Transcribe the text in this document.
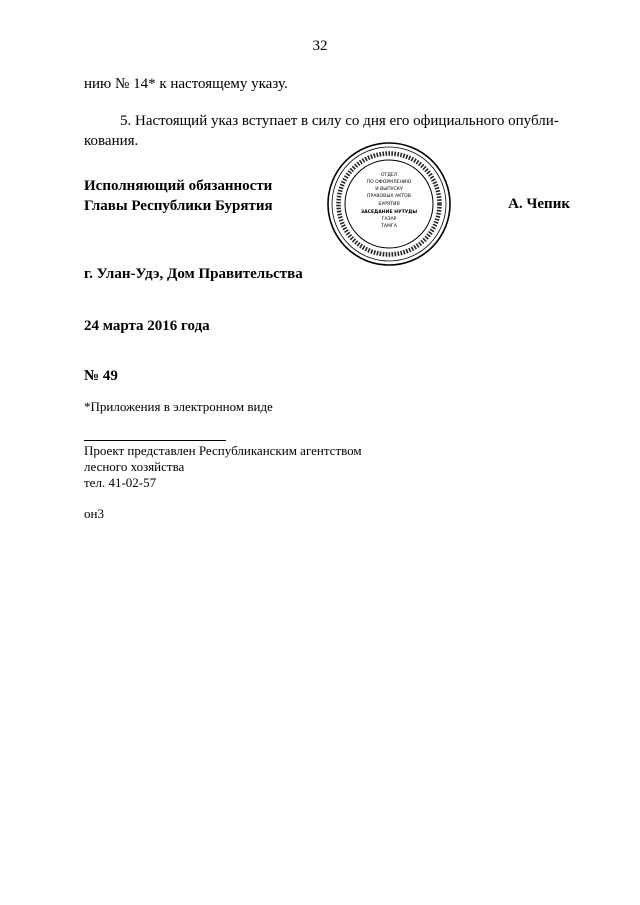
32
нию № 14* к настоящему указу.
5. Настоящий указ вступает в силу со дня его официального опубли-
кования.
Исполняющий обязанности
Главы Республики Бурятия
ОТДЕЛ
ПО ОФОРМЛЕНИЮ
И ВЫПУСКУ
ПРАВОВЫХ АКТОВ
БУРЯТИЯ
ЗАСЕДАНИЕ НУТУДЫ
ГАЗАР
ТАМГА
А. Чепик
г. Улан-Удэ, Дом Правительства
24 марта 2016 года
№ 49
*Приложения в электронном виде
Проект представлен Республиканским агентством
лесного хозяйства
тел. 41-02-57
он3
